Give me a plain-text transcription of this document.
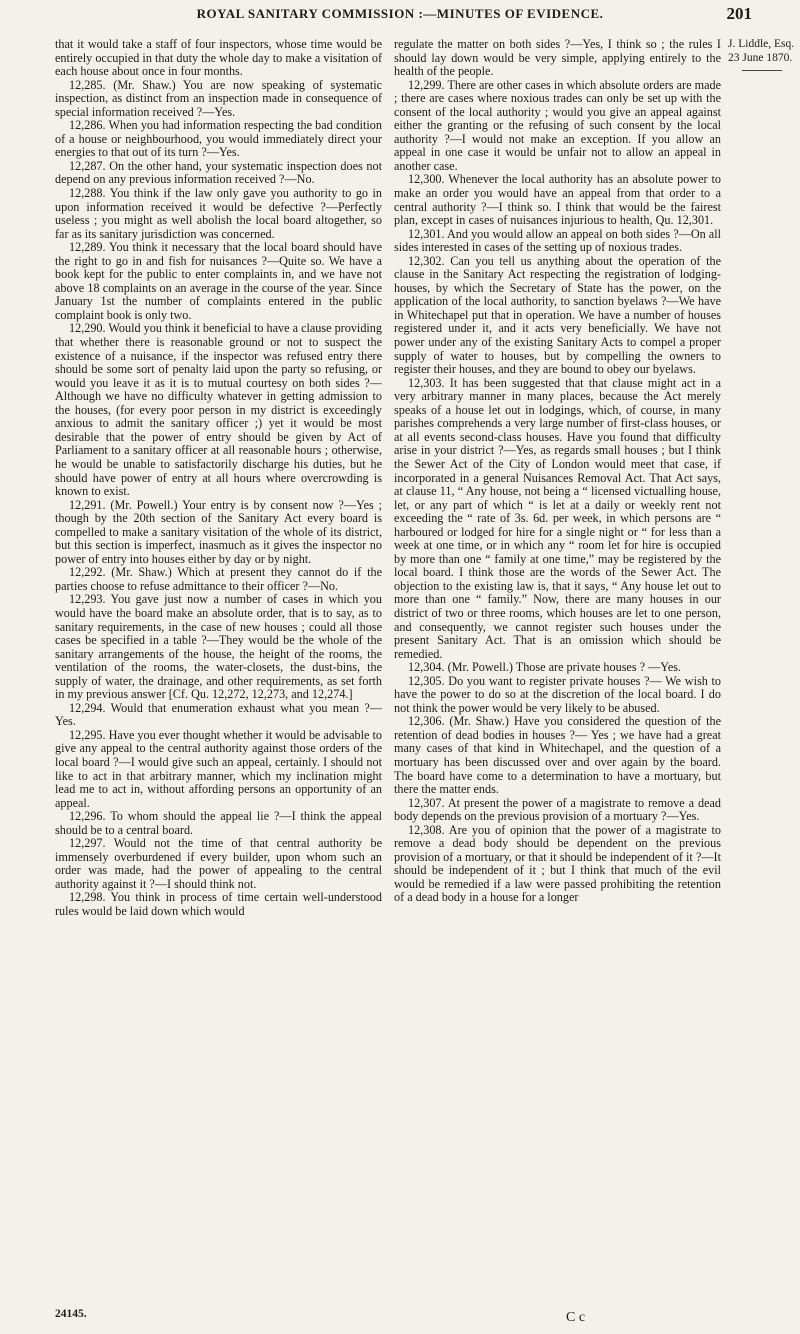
ROYAL SANITARY COMMISSION :—MINUTES OF EVIDENCE.	201

that it would take a staff of four inspectors, whose time would be entirely occupied in that duty the whole day to make a visitation of each house about once in four months.

12,285. (Mr. Shaw.) You are now speaking of systematic inspection, as distinct from an inspection made in consequence of special information received ?—Yes.

12,286. When you had information respecting the bad condition of a house or neighbourhood, you would immediately direct your energies to that out of its turn ?—Yes.

12,287. On the other hand, your systematic inspection does not depend on any previous information received ?—No.

12,288. You think if the law only gave you authority to go in upon information received it would be defective ?—Perfectly useless ; you might as well abolish the local board altogether, so far as its sanitary jurisdiction was concerned.

12,289. You think it necessary that the local board should have the right to go in and fish for nuisances ?—Quite so. We have a book kept for the public to enter complaints in, and we have not above 18 complaints on an average in the course of the year. Since January 1st the number of complaints entered in the public complaint book is only two.

12,290. Would you think it beneficial to have a clause providing that whether there is reasonable ground or not to suspect the existence of a nuisance, if the inspector was refused entry there should be some sort of penalty laid upon the party so refusing, or would you leave it as it is to mutual courtesy on both sides ?—Although we have no difficulty whatever in getting admission to the houses, (for every poor person in my district is exceedingly anxious to admit the sanitary officer ;) yet it would be most desirable that the power of entry should be given by Act of Parliament to a sanitary officer at all reasonable hours ; otherwise, he would be unable to satisfactorily discharge his duties, but he should have power of entry at all hours where overcrowding is known to exist.

12,291. (Mr. Powell.) Your entry is by consent now ?—Yes ; though by the 20th section of the Sanitary Act every board is compelled to make a sanitary visitation of the whole of its district, but this section is imperfect, inasmuch as it gives the inspector no power of entry into houses either by day or by night.

12,292. (Mr. Shaw.) Which at present they cannot do if the parties choose to refuse admittance to their officer ?—No.

12,293. You gave just now a number of cases in which you would have the board make an absolute order, that is to say, as to sanitary requirements, in the case of new houses ; could all those cases be specified in a table ?—They would be the whole of the sanitary arrangements of the house, the height of the rooms, the ventilation of the rooms, the water-closets, the dust-bins, the supply of water, the drainage, and other requirements, as set forth in my previous answer [Cf. Qu. 12,272, 12,273, and 12,274.]

12,294. Would that enumeration exhaust what you mean ?—Yes.

12,295. Have you ever thought whether it would be advisable to give any appeal to the central authority against those orders of the local board ?—I would give such an appeal, certainly. I should not like to act in that arbitrary manner, which my inclination might lead me to act in, without affording persons an opportunity of an appeal.

12,296. To whom should the appeal lie ?—I think the appeal should be to a central board.

12,297. Would not the time of that central authority be immensely overburdened if every builder, upon whom such an order was made, had the power of appealing to the central authority against it ?—I should think not.

12,298. You think in process of time certain well-understood rules would be laid down which would

regulate the matter on both sides ?—Yes, I think so ; the rules I should lay down would be very simple, applying entirely to the health of the people.

12,299. There are other cases in which absolute orders are made ; there are cases where noxious trades can only be set up with the consent of the local authority ; would you give an appeal against either the granting or the refusing of such consent by the local authority ?—I would not make an exception. If you allow an appeal in one case it would be unfair not to allow an appeal in another case.

12,300. Whenever the local authority has an absolute power to make an order you would have an appeal from that order to a central authority ?—I think so. I think that would be the fairest plan, except in cases of nuisances injurious to health, Qu. 12,301.

12,301. And you would allow an appeal on both sides ?—On all sides interested in cases of the setting up of noxious trades.

12,302. Can you tell us anything about the operation of the clause in the Sanitary Act respecting the registration of lodging-houses, by which the Secretary of State has the power, on the application of the local authority, to sanction byelaws ?—We have in Whitechapel put that in operation. We have a number of houses registered under it, and it acts very beneficially. We have not power under any of the existing Sanitary Acts to compel a proper supply of water to houses, but by compelling the owners to register their houses, and they are bound to obey our byelaws.

12,303. It has been suggested that that clause might act in a very arbitrary manner in many places, because the Act merely speaks of a house let out in lodgings, which, of course, in many parishes comprehends a very large number of first-class houses, or at all events second-class houses. Have you found that difficulty arise in your district ?—Yes, as regards small houses ; but I think the Sewer Act of the City of London would meet that case, if incorporated in a general Nuisances Removal Act. That Act says, at clause 11, “ Any house, not being a “ licensed victualling house, let, or any part of which “ is let at a daily or weekly rent not exceeding the “ rate of 3s. 6d. per week, in which persons are “ harboured or lodged for hire for a single night or “ for less than a week at one time, or in which any “ room let for hire is occupied by more than one “ family at one time,” may be registered by the local board. I think those are the words of the Sewer Act. The objection to the existing law is, that it says, “ Any house let out to more than one “ family.” Now, there are many houses in our district of two or three rooms, which houses are let to one person, and consequently, we cannot register such houses under the present Sanitary Act. That is an omission which should be remedied.

12,304. (Mr. Powell.) Those are private houses ? —Yes.

12,305. Do you want to register private houses ?— We wish to have the power to do so at the discretion of the local board. I do not think the power would be very likely to be abused.

12,306. (Mr. Shaw.) Have you considered the question of the retention of dead bodies in houses ?— Yes ; we have had a great many cases of that kind in Whitechapel, and the question of a mortuary has been discussed over and over again by the board. The board have come to a determination to have a mortuary, but there the matter ends.

12,307. At present the power of a magistrate to remove a dead body depends on the previous provision of a mortuary ?—Yes.

12,308. Are you of opinion that the power of a magistrate to remove a dead body should be dependent on the previous provision of a mortuary, or that it should be independent of it ?—It should be independent of it ; but I think that much of the evil would be remedied if a law were passed prohibiting the retention of a dead body in a house for a longer

J. Liddle, Esq.
23 June 1870.
24145.	C c
